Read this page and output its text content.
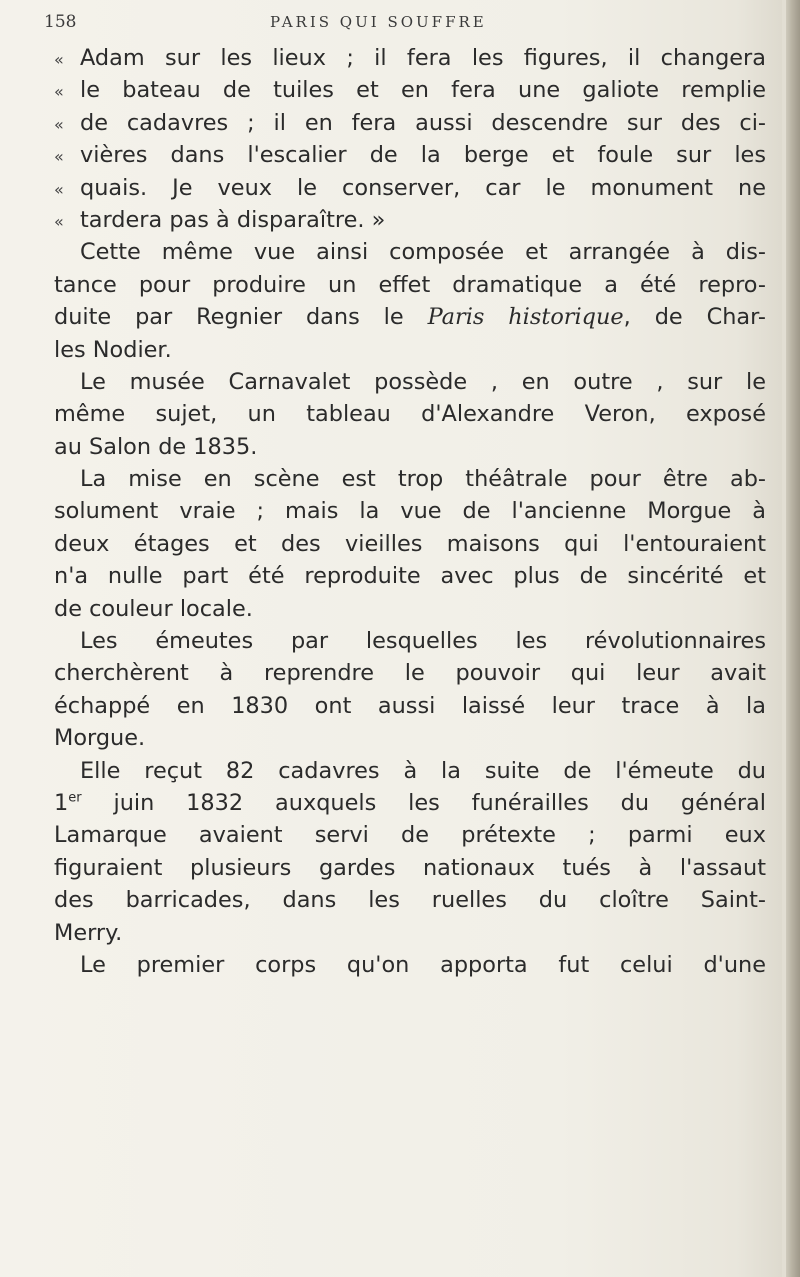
158	PARIS QUI SOUFFRE
«Adam sur les lieux ; il fera les figures, il changera
«le bateau de tuiles et en fera une galiote remplie
«de cadavres ; il en fera aussi descendre sur des ci-
«vières dans l'escalier de la berge et foule sur les
«quais. Je veux le conserver, car le monument ne
«tardera pas à disparaître. »
Cette même vue ainsi composée et arrangée à dis-
tance pour produire un effet dramatique a été repro-
duite par Regnier dans le Paris historique, de Char-
les Nodier.
Le musée Carnavalet possède , en outre , sur le
même sujet, un tableau d'Alexandre Veron, exposé
au Salon de 1835.
La mise en scène est trop théâtrale pour être ab-
solument vraie ; mais la vue de l'ancienne Morgue à
deux étages et des vieilles maisons qui l'entouraient
n'a nulle part été reproduite avec plus de sincérité et
de couleur locale.
Les émeutes par lesquelles les révolutionnaires
cherchèrent à reprendre le pouvoir qui leur avait
échappé en 1830 ont aussi laissé leur trace à la
Morgue.
Elle reçut 82 cadavres à la suite de l'émeute du
1er juin 1832 auxquels les funérailles du général
Lamarque avaient servi de prétexte ; parmi eux
figuraient plusieurs gardes nationaux tués à l'assaut
des barricades, dans les ruelles du cloître Saint-
Merry.
Le premier corps qu'on apporta fut celui d'une
